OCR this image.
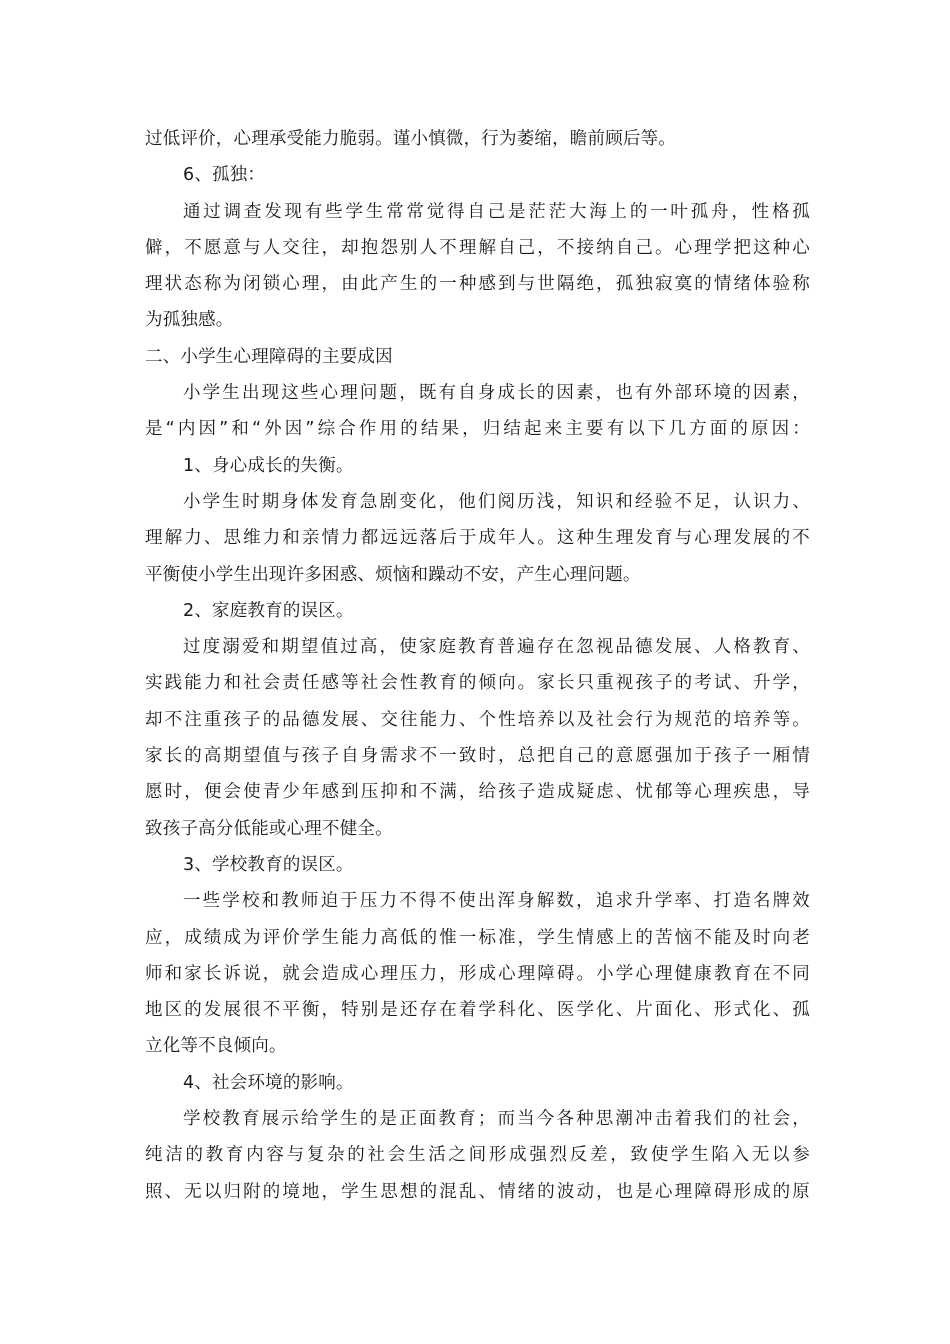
过低评价，心理承受能力脆弱。谨小慎微，行为萎缩，瞻前顾后等。
6、孤独：
通过调查发现有些学生常常觉得自己是茫茫大海上的一叶孤舟，性格孤
僻，不愿意与人交往，却抱怨别人不理解自己，不接纳自己。心理学把这种心
理状态称为闭锁心理，由此产生的一种感到与世隔绝，孤独寂寞的情绪体验称
为孤独感。
二、小学生心理障碍的主要成因
小学生出现这些心理问题，既有自身成长的因素，也有外部环境的因素，
是“内因”和“外因”综合作用的结果，归结起来主要有以下几方面的原因：
1、身心成长的失衡。
小学生时期身体发育急剧变化，他们阅历浅，知识和经验不足，认识力、
理解力、思维力和亲情力都远远落后于成年人。这种生理发育与心理发展的不
平衡使小学生出现许多困惑、烦恼和躁动不安，产生心理问题。
2、家庭教育的误区。
过度溺爱和期望值过高，使家庭教育普遍存在忽视品德发展、人格教育、
实践能力和社会责任感等社会性教育的倾向。家长只重视孩子的考试、升学，
却不注重孩子的品德发展、交往能力、个性培养以及社会行为规范的培养等。
家长的高期望值与孩子自身需求不一致时，总把自己的意愿强加于孩子一厢情
愿时，便会使青少年感到压抑和不满，给孩子造成疑虑、忧郁等心理疾患，导
致孩子高分低能或心理不健全。
3、学校教育的误区。
一些学校和教师迫于压力不得不使出浑身解数，追求升学率、打造名牌效
应，成绩成为评价学生能力高低的惟一标准，学生情感上的苦恼不能及时向老
师和家长诉说，就会造成心理压力，形成心理障碍。小学心理健康教育在不同
地区的发展很不平衡，特别是还存在着学科化、医学化、片面化、形式化、孤
立化等不良倾向。
4、社会环境的影响。
学校教育展示给学生的是正面教育；而当今各种思潮冲击着我们的社会，
纯洁的教育内容与复杂的社会生活之间形成强烈反差，致使学生陷入无以参
照、无以归附的境地，学生思想的混乱、情绪的波动，也是心理障碍形成的原
